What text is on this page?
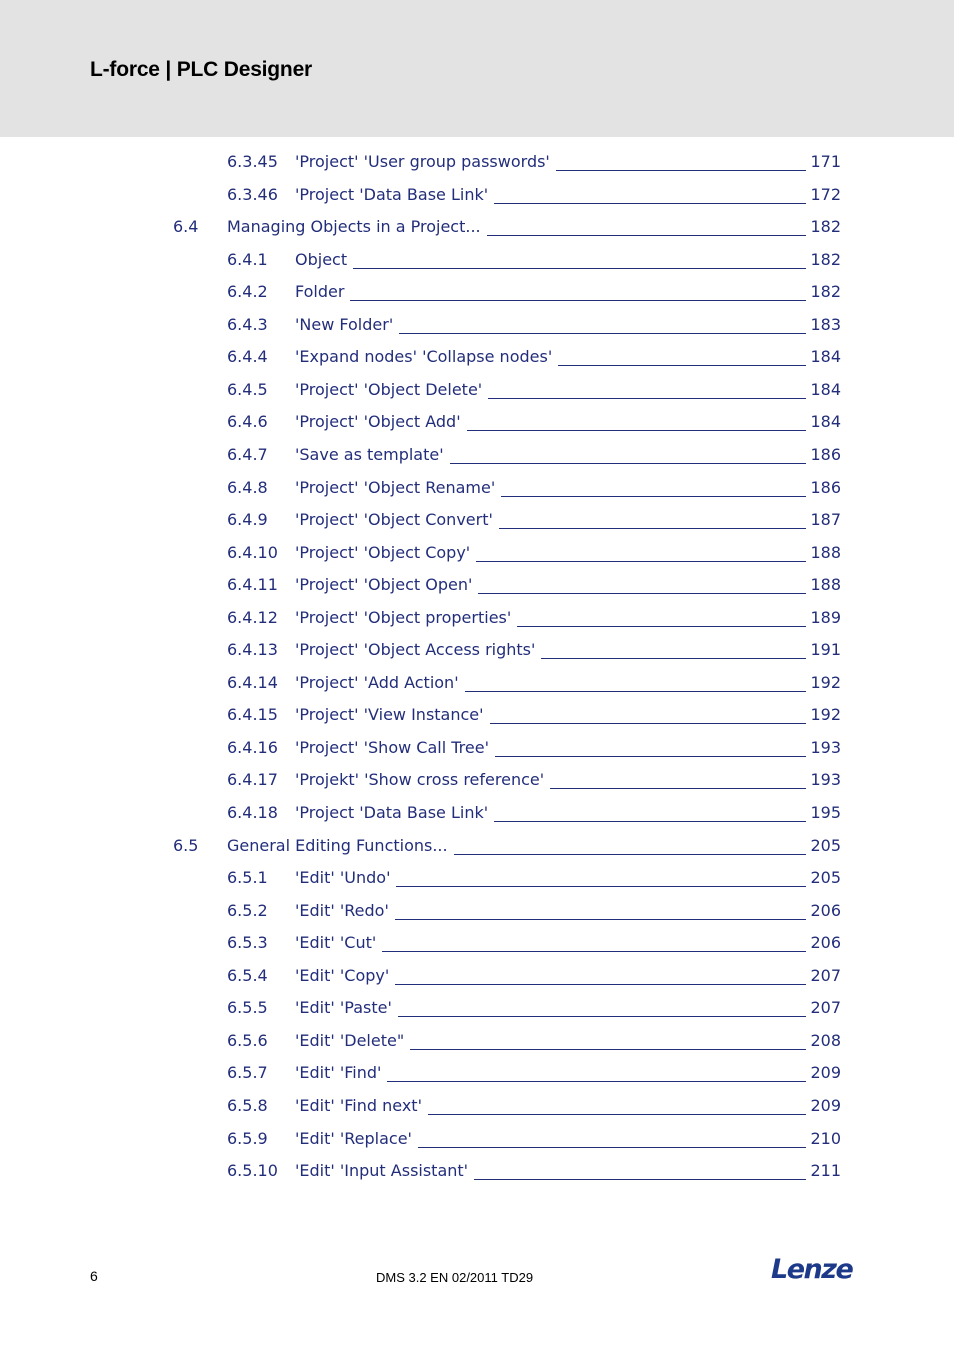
L-force | PLC Designer
6.3.45 'Project' 'User group passwords'	171
6.3.46 'Project 'Data Base Link'	172
6.4 Managing Objects in a Project...	182
6.4.1 Object	182
6.4.2 Folder	182
6.4.3 'New Folder'	183
6.4.4 'Expand nodes' 'Collapse nodes'	184
6.4.5 'Project' 'Object Delete'	184
6.4.6 'Project' 'Object Add'	184
6.4.7 'Save as template'	186
6.4.8 'Project' 'Object Rename'	186
6.4.9 'Project' 'Object Convert'	187
6.4.10 'Project' 'Object Copy'	188
6.4.11 'Project' 'Object Open'	188
6.4.12 'Project' 'Object properties'	189
6.4.13 'Project' 'Object Access rights'	191
6.4.14 'Project' 'Add Action'	192
6.4.15 'Project' 'View Instance'	192
6.4.16 'Project' 'Show Call Tree'	193
6.4.17 'Projekt' 'Show cross reference'	193
6.4.18 'Project 'Data Base Link'	195
6.5 General Editing Functions...	205
6.5.1 'Edit' 'Undo'	205
6.5.2 'Edit' 'Redo'	206
6.5.3 'Edit' 'Cut'	206
6.5.4 'Edit' 'Copy'	207
6.5.5 'Edit' 'Paste'	207
6.5.6 'Edit' 'Delete"	208
6.5.7 'Edit' 'Find'	209
6.5.8 'Edit' 'Find next'	209
6.5.9 'Edit' 'Replace'	210
6.5.10 'Edit' 'Input Assistant'	211
6	DMS 3.2 EN 02/2011 TD29	Lenze
